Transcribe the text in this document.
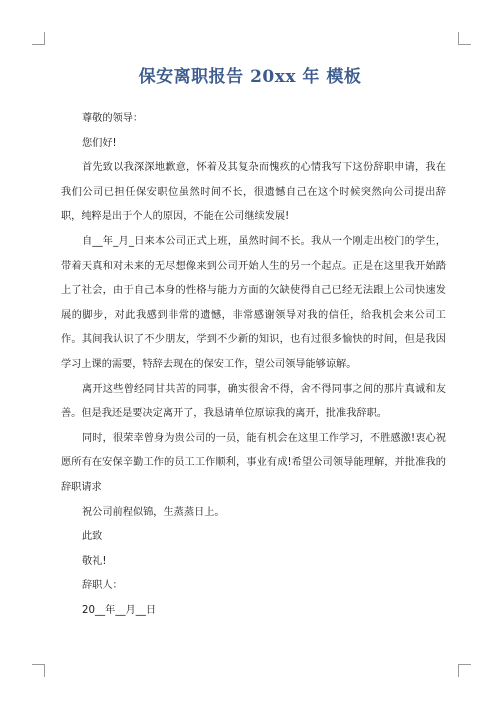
保安离职报告 20xx 年 模板

尊敬的领导：

您们好!

首先致以我深深地歉意，怀着及其复杂而愧疚的心情我写下这份辞职申请，我在我们公司已担任保安职位虽然时间不长，很遗憾自己在这个时候突然向公司提出辞职，纯粹是出于个人的原因，不能在公司继续发展!

自__年_月_日来本公司正式上班，虽然时间不长。我从一个刚走出校门的学生，带着天真和对未来的无尽想像来到公司开始人生的另一个起点。正是在这里我开始踏上了社会，由于自己本身的性格与能力方面的欠缺使得自己已经无法跟上公司快速发展的脚步，对此我感到非常的遗憾，非常感谢领导对我的信任，给我机会来公司工作。其间我认识了不少朋友，学到不少新的知识，也有过很多愉快的时间，但是我因学习上课的需要，特辞去现在的保安工作，望公司领导能够谅解。

离开这些曾经同甘共苦的同事，确实很舍不得，舍不得同事之间的那片真诚和友善。但是我还是要决定离开了，我恳请单位原谅我的离开，批准我辞职。

同时，很荣幸曾身为贵公司的一员，能有机会在这里工作学习，不胜感激!衷心祝愿所有在安保辛勤工作的员工工作顺利，事业有成!希望公司领导能理解，并批准我的辞职请求

祝公司前程似锦，生蒸蒸日上。

此致

敬礼!

辞职人：

20__年__月__日
